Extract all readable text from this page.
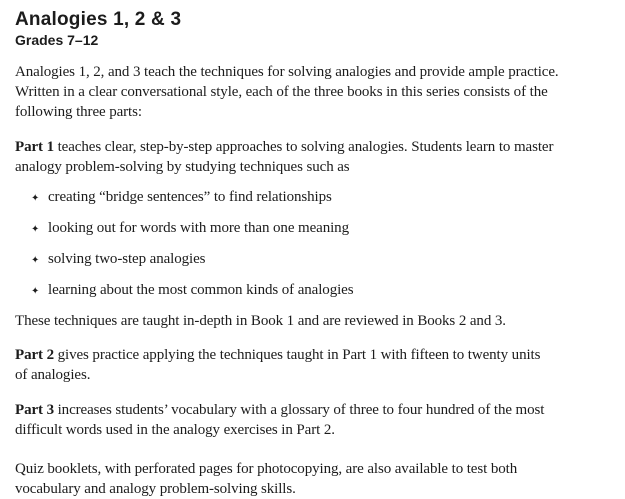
Analogies 1, 2 & 3
Grades 7–12
Analogies 1, 2, and 3 teach the techniques for solving analogies and provide ample practice.
Written in a clear conversational style, each of the three books in this series consists of the
following three parts:
Part 1 teaches clear, step-by-step approaches to solving analogies. Students learn to master
analogy problem-solving by studying techniques such as
✦ creating “bridge sentences” to find relationships
✦ looking out for words with more than one meaning
✦ solving two-step analogies
✦ learning about the most common kinds of analogies
These techniques are taught in-depth in Book 1 and are reviewed in Books 2 and 3.
Part 2 gives practice applying the techniques taught in Part 1 with fifteen to twenty units
of analogies.
Part 3 increases students’ vocabulary with a glossary of three to four hundred of the most
difficult words used in the analogy exercises in Part 2.
Quiz booklets, with perforated pages for photocopying, are also available to test both
vocabulary and analogy problem-solving skills.
